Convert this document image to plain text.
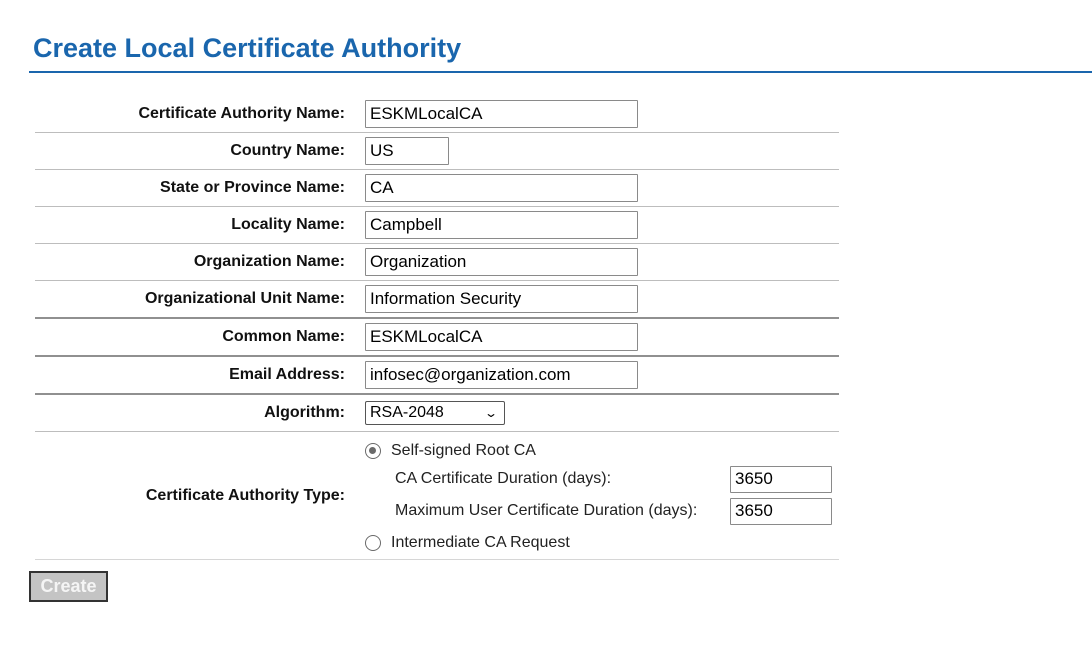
Create Local Certificate Authority
Certificate Authority Name:	ESKMLocalCA
Country Name:	US
State or Province Name:	CA
Locality Name:	Campbell
Organization Name:	Organization
Organizational Unit Name:	Information Security
Common Name:	ESKMLocalCA
Email Address:	infosec@organization.com
Algorithm:	RSA-2048 ⌄

Certificate Authority Type:	Self-signed Root CA
CA Certificate Duration (days):
3650
Maximum User Certificate Duration (days):
3650
Intermediate CA Request
Create
